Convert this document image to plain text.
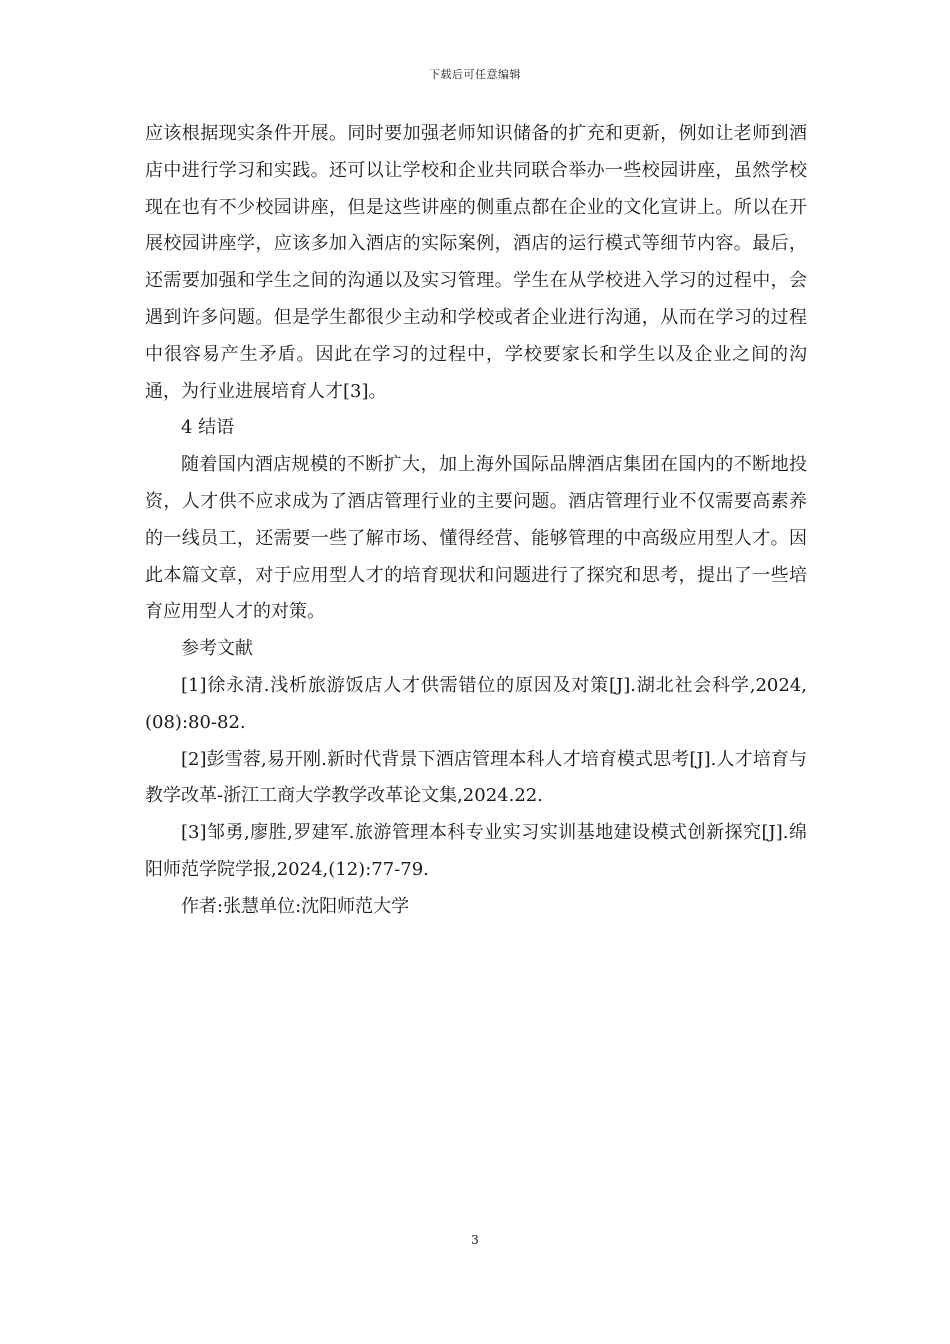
下载后可任意编辑

应该根据现实条件开展。同时要加强老师知识储备的扩充和更新，例如让老师到酒店中进行学习和实践。还可以让学校和企业共同联合举办一些校园讲座，虽然学校现在也有不少校园讲座，但是这些讲座的侧重点都在企业的文化宣讲上。所以在开展校园讲座学，应该多加入酒店的实际案例，酒店的运行模式等细节内容。最后，还需要加强和学生之间的沟通以及实习管理。学生在从学校进入学习的过程中，会遇到许多问题。但是学生都很少主动和学校或者企业进行沟通，从而在学习的过程中很容易产生矛盾。因此在学习的过程中，学校要家长和学生以及企业之间的沟通，为行业进展培育人才[3]。

4 结语

随着国内酒店规模的不断扩大，加上海外国际品牌酒店集团在国内的不断地投资，人才供不应求成为了酒店管理行业的主要问题。酒店管理行业不仅需要高素养的一线员工，还需要一些了解市场、懂得经营、能够管理的中高级应用型人才。因此本篇文章，对于应用型人才的培育现状和问题进行了探究和思考，提出了一些培育应用型人才的对策。

参考文献

[1]徐永清.浅析旅游饭店人才供需错位的原因及对策[J].湖北社会科学,2024,(08):80-82.

[2]彭雪蓉,易开刚.新时代背景下酒店管理本科人才培育模式思考[J].人才培育与教学改革-浙江工商大学教学改革论文集,2024.22.

[3]邹勇,廖胜,罗建军.旅游管理本科专业实习实训基地建设模式创新探究[J].绵阳师范学院学报,2024,(12):77-79.

作者:张慧单位:沈阳师范大学

3
